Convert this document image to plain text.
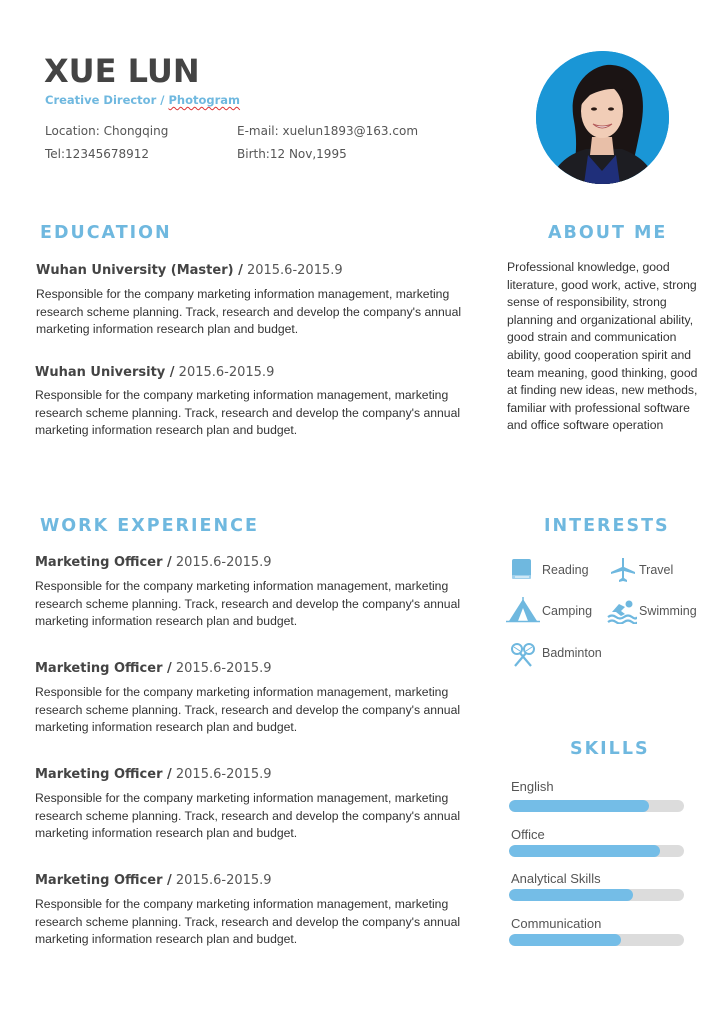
XUE LUN
Creative Director / Photogram
Location: Chongqing	E-mail: xuelun1893@163.com
Tel:12345678912	Birth:12 Nov,1995
EDUCATION
Wuhan University (Master) / 2015.6-2015.9
Responsible for the company marketing information management, marketing research scheme planning. Track, research and develop the company's annual marketing information research plan and budget.
Wuhan University / 2015.6-2015.9
Responsible for the company marketing information management, marketing research scheme planning. Track, research and develop the company's annual marketing information research plan and budget.
ABOUT ME
Professional knowledge, good literature, good work, active, strong sense of responsibility, strong planning and organizational ability, good strain and communication ability, good cooperation spirit and team meaning, good thinking, good at finding new ideas, new methods, familiar with professional software and office software operation
WORK EXPERIENCE
Marketing Officer / 2015.6-2015.9
Responsible for the company marketing information management, marketing research scheme planning. Track, research and develop the company's annual marketing information research plan and budget.
Marketing Officer / 2015.6-2015.9
Responsible for the company marketing information management, marketing research scheme planning. Track, research and develop the company's annual marketing information research plan and budget.
Marketing Officer / 2015.6-2015.9
Responsible for the company marketing information management, marketing research scheme planning. Track, research and develop the company's annual marketing information research plan and budget.
Marketing Officer / 2015.6-2015.9
Responsible for the company marketing information management, marketing research scheme planning. Track, research and develop the company's annual marketing information research plan and budget.
INTERESTS
Reading	Travel
Camping	Swimming
Badminton
SKILLS
English
Office
Analytical Skills
Communication
